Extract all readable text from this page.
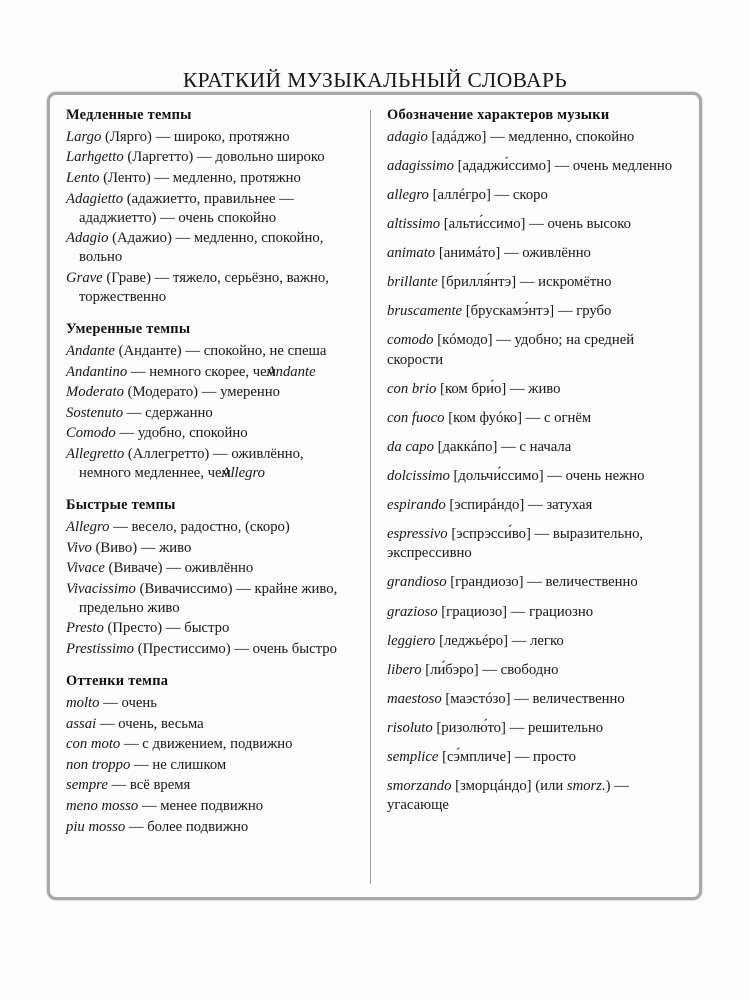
КРАТКИЙ МУЗЫКАЛЬНЫЙ СЛОВАРЬ
Медленные темпы
Largo (Лярго) — широко, протяжно
Larhgetto (Ларгетто) — довольно широко
Lento (Ленто) — медленно, протяжно
Adagietto (адажиетто, правильнее — ададжиетто) — очень спокойно
Adagio (Адажио) — медленно, спокойно, вольно
Grave (Граве) — тяжело, серьёзно, важно, торжественно
Умеренные темпы
Andante (Анданте) — спокойно, не спеша
Andantino — немного скорее, чем Andante
Moderato (Модерато) — умеренно
Sostenuto — сдержанно
Comodo — удобно, спокойно
Allegretto (Аллегретто) — оживлённо, немного медленнее, чем Allegro
Быстрые темпы
Allegro — весело, радостно, (скоро)
Vivo (Виво) — живо
Vivace (Виваче) — оживлённо
Vivacissimo (Вивачиссимо) — крайне живо, предельно живо
Presto (Престо) — быстро
Prestissimo (Престиссимо) — очень быстро
Оттенки темпа
molto — очень
assai — очень, весьма
con moto — с движением, подвижно
non troppo — не слишком
sempre — всё время
meno mosso — менее подвижно
piu mosso — более подвижно
Обозначение характеров музыки
adagio [адáджо] — медленно, спокойно
adagissimo [ададжи́ссимо] — очень медленно
allegro [аллéгро] — скоро
altissimo [альти́ссимо] — очень высоко
animato [анимáто] — оживлённо
brillante [брилля́нтэ] — искромётно
bruscamente [брускамэ́нтэ] — грубо
comodo [кóмодо] — удобно; на средней скорости
con brio [ком бри́о] — живо
con fuoco [ком фуóко] — с огнём
da capo [даккáпо] — с начала
dolcissimo [дольчи́ссимо] — очень нежно
espirando [эспирáндо] — затухая
espressivo [эспрэсси́во] — выразительно, экспрессивно
grandioso [грандиозо] — величественно
grazioso [грациозо] — грациозно
leggiero [леджьéро] — легко
libero [ли́бэро] — свободно
maestoso [маэстóзо] — величественно
risoluto [ризолю́то] — решительно
semplice [сэ́мпличе] — просто
smorzando [зморцáндо] (или smorz.) — угасающе
